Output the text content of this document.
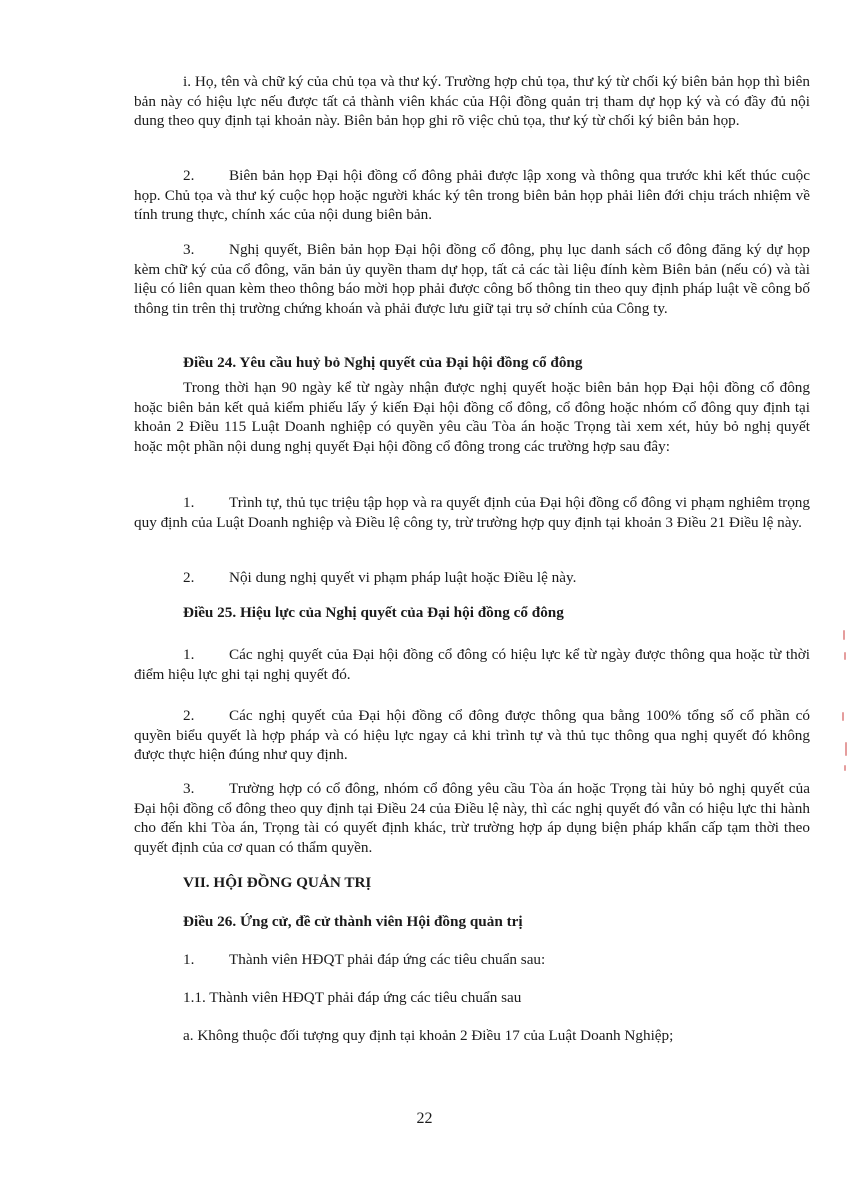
i. Họ, tên và chữ ký của chủ tọa và thư ký. Trường hợp chủ tọa, thư ký từ chối ký biên bản họp thì biên bản này có hiệu lực nếu được tất cả thành viên khác của Hội đồng quản trị tham dự họp ký và có đầy đủ nội dung theo quy định tại khoản này. Biên bản họp ghi rõ việc chủ tọa, thư ký từ chối ký biên bản họp.

2. Biên bản họp Đại hội đồng cổ đông phải được lập xong và thông qua trước khi kết thúc cuộc họp. Chủ tọa và thư ký cuộc họp hoặc người khác ký tên trong biên bản họp phải liên đới chịu trách nhiệm về tính trung thực, chính xác của nội dung biên bản.

3. Nghị quyết, Biên bản họp Đại hội đồng cổ đông, phụ lục danh sách cổ đông đăng ký dự họp kèm chữ ký của cổ đông, văn bản ủy quyền tham dự họp, tất cả các tài liệu đính kèm Biên bản (nếu có) và tài liệu có liên quan kèm theo thông báo mời họp phải được công bố thông tin theo quy định pháp luật về công bố thông tin trên thị trường chứng khoán và phải được lưu giữ tại trụ sở chính của Công ty.

Điều 24. Yêu cầu huỷ bỏ Nghị quyết của Đại hội đồng cổ đông

Trong thời hạn 90 ngày kể từ ngày nhận được nghị quyết hoặc biên bản họp Đại hội đồng cổ đông hoặc biên bản kết quả kiểm phiếu lấy ý kiến Đại hội đồng cổ đông, cổ đông hoặc nhóm cổ đông quy định tại khoản 2 Điều 115 Luật Doanh nghiệp có quyền yêu cầu Tòa án hoặc Trọng tài xem xét, hủy bỏ nghị quyết hoặc một phần nội dung nghị quyết Đại hội đồng cổ đông trong các trường hợp sau đây:

1. Trình tự, thủ tục triệu tập họp và ra quyết định của Đại hội đồng cổ đông vi phạm nghiêm trọng quy định của Luật Doanh nghiệp và Điều lệ công ty, trừ trường hợp quy định tại khoản 3 Điều 21 Điều lệ này.

2. Nội dung nghị quyết vi phạm pháp luật hoặc Điều lệ này.

Điều 25. Hiệu lực của Nghị quyết của Đại hội đồng cổ đông

1. Các nghị quyết của Đại hội đồng cổ đông có hiệu lực kể từ ngày được thông qua hoặc từ thời điểm hiệu lực ghi tại nghị quyết đó.

2. Các nghị quyết của Đại hội đồng cổ đông được thông qua bằng 100% tổng số cổ phần có quyền biểu quyết là hợp pháp và có hiệu lực ngay cả khi trình tự và thủ tục thông qua nghị quyết đó không được thực hiện đúng như quy định.

3. Trường hợp có cổ đông, nhóm cổ đông yêu cầu Tòa án hoặc Trọng tài hủy bỏ nghị quyết của Đại hội đồng cổ đông theo quy định tại Điều 24 của Điều lệ này, thì các nghị quyết đó vẫn có hiệu lực thi hành cho đến khi Tòa án, Trọng tài có quyết định khác, trừ trường hợp áp dụng biện pháp khẩn cấp tạm thời theo quyết định của cơ quan có thẩm quyền.

VII. HỘI ĐỒNG QUẢN TRỊ
Điều 26. Ứng cử, đề cử thành viên Hội đồng quản trị

1. Thành viên HĐQT phải đáp ứng các tiêu chuẩn sau:

1.1. Thành viên HĐQT phải đáp ứng các tiêu chuẩn sau

a. Không thuộc đối tượng quy định tại khoản 2 Điều 17 của Luật Doanh Nghiệp;

22
